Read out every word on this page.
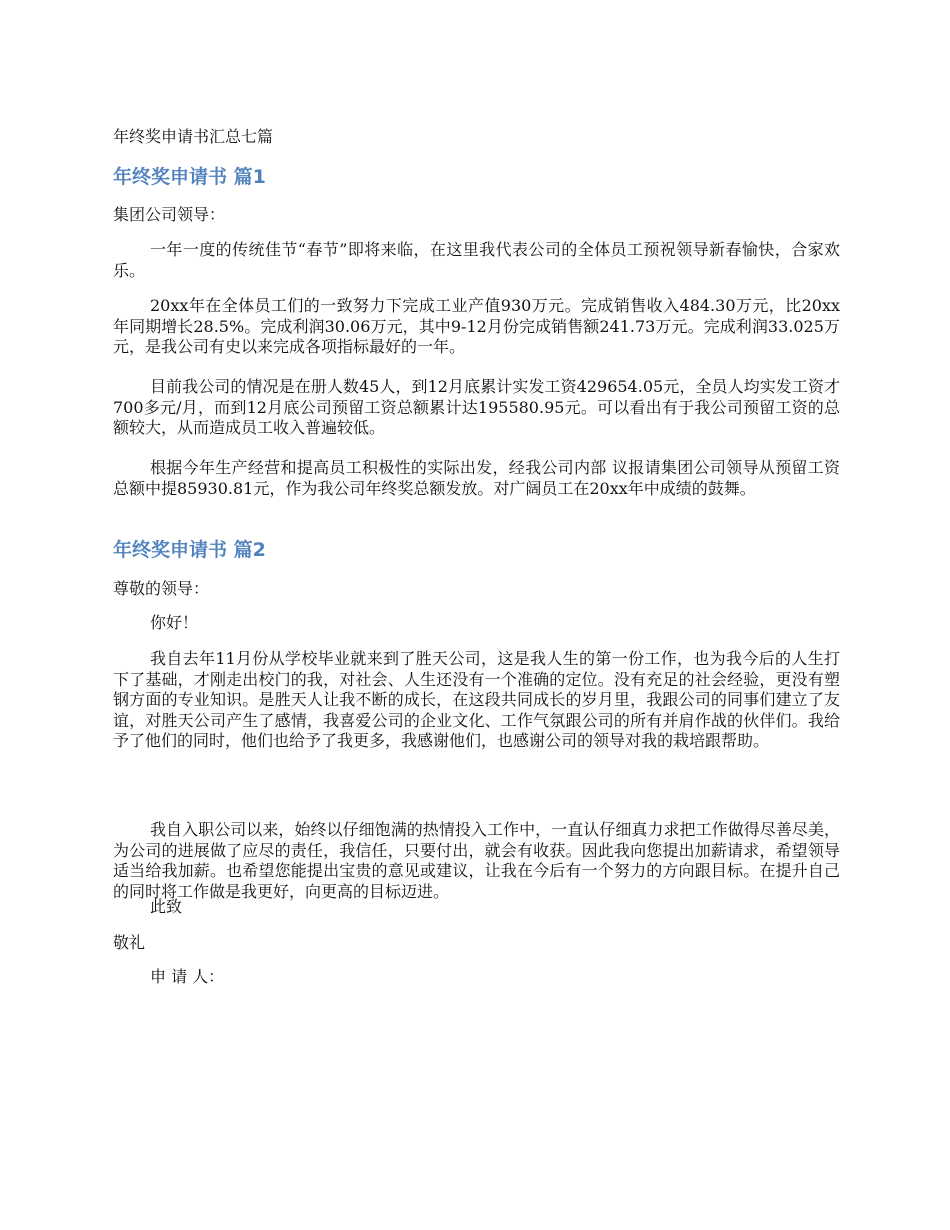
年终奖申请书汇总七篇

年终奖申请书 篇1

集团公司领导：

一年一度的传统佳节“春节”即将来临，在这里我代表公司的全体员工预祝领导新春愉快，合家欢乐。

20xx年在全体员工们的一致努力下完成工业产值930万元。完成销售收入484.30万元，比20xx年同期增长28.5%。完成利润30.06万元，其中9-12月份完成销售额241.73万元。完成利润33.025万元，是我公司有史以来完成各项指标最好的一年。

目前我公司的情况是在册人数45人，到12月底累计实发工资429654.05元，全员人均实发工资才700多元/月，而到12月底公司预留工资总额累计达195580.95元。可以看出有于我公司预留工资的总额较大，从而造成员工收入普遍较低。

根据今年生产经营和提高员工积极性的实际出发，经我公司内部 议报请集团公司领导从预留工资总额中提85930.81元，作为我公司年终奖总额发放。对广阔员工在20xx年中成绩的鼓舞。

年终奖申请书 篇2

尊敬的领导：

你好！

我自去年11月份从学校毕业就来到了胜天公司，这是我人生的第一份工作，也为我今后的人生打下了基础，才刚走出校门的我，对社会、人生还没有一个准确的定位。没有充足的社会经验，更没有塑钢方面的专业知识。是胜天人让我不断的成长，在这段共同成长的岁月里，我跟公司的同事们建立了友谊，对胜天公司产生了感情，我喜爱公司的企业文化、工作气氛跟公司的所有并肩作战的伙伴们。我给予了他们的同时，他们也给予了我更多，我感谢他们，也感谢公司的领导对我的栽培跟帮助。

我自入职公司以来，始终以仔细饱满的热情投入工作中，一直认仔细真力求把工作做得尽善尽美，为公司的进展做了应尽的责任，我信任，只要付出，就会有收获。因此我向您提出加薪请求，希望领导适当给我加薪。也希望您能提出宝贵的意见或建议，让我在今后有一个努力的方向跟目标。在提升自己的同时将工作做是我更好，向更高的目标迈进。

此致

敬礼

申 请 人：
